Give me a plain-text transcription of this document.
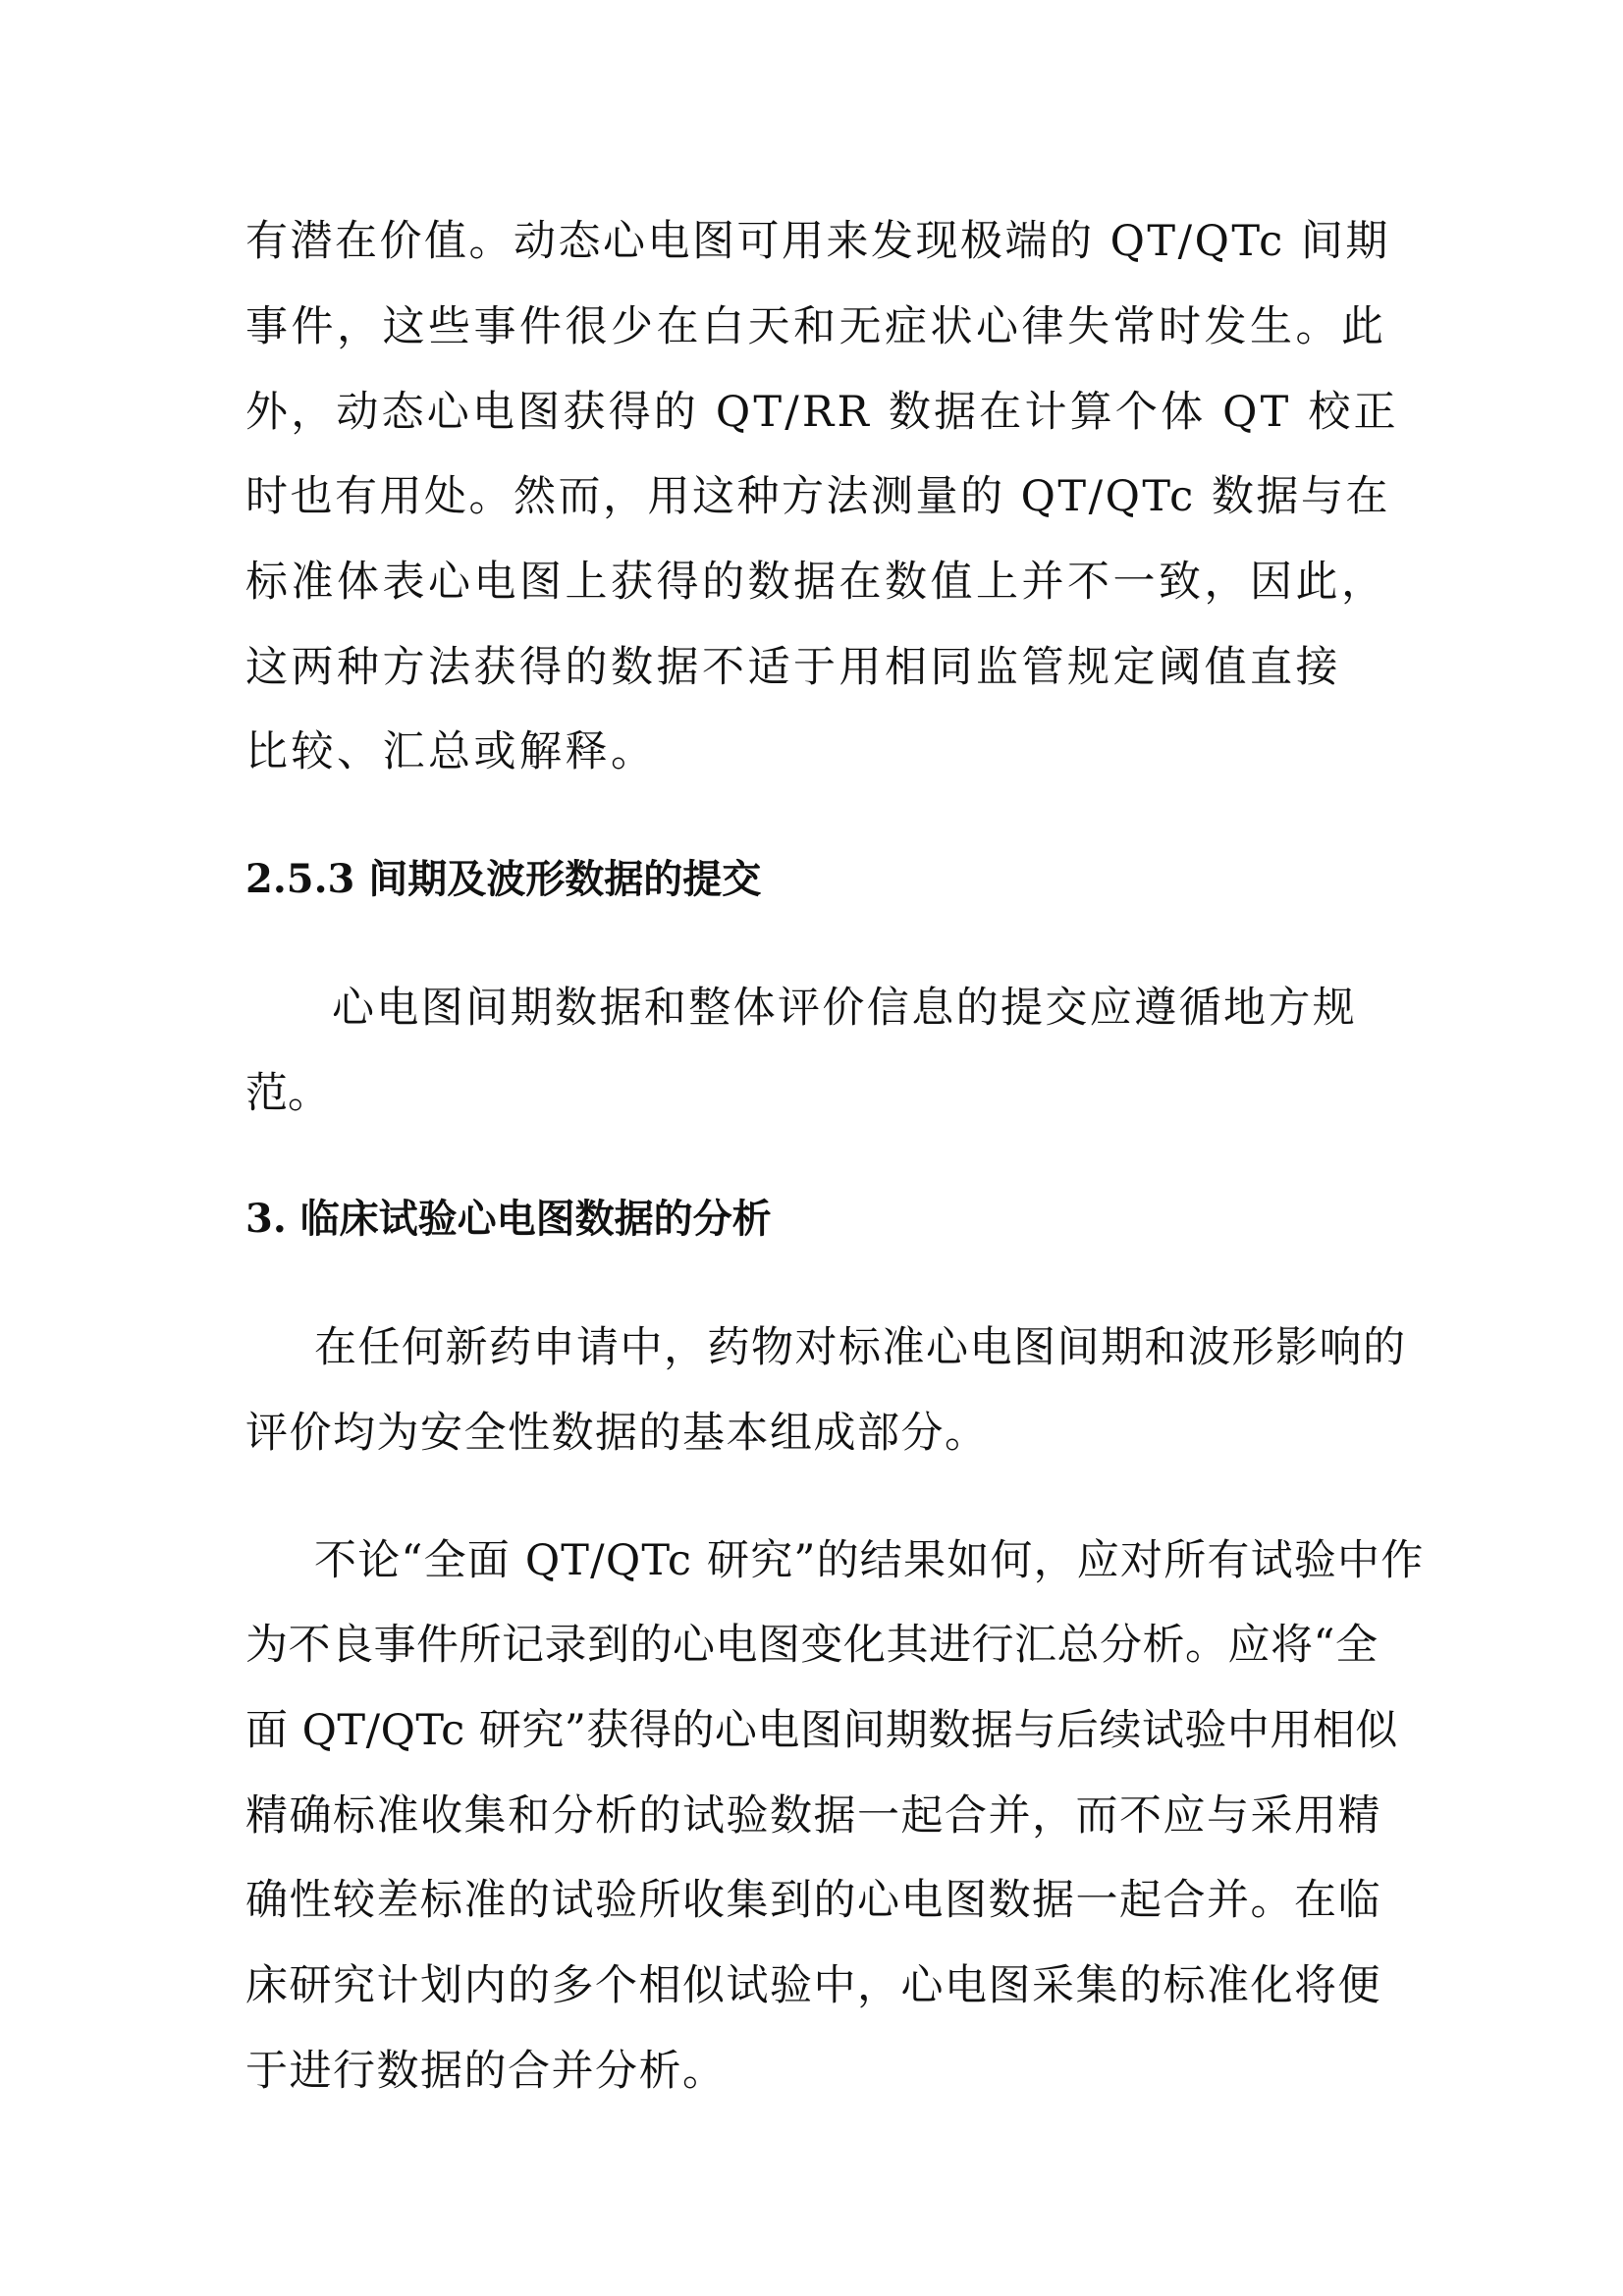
有潜在价值。动态心电图可用来发现极端的 QT/QTc 间期
事件，这些事件很少在白天和无症状心律失常时发生。此
外，动态心电图获得的 QT/RR 数据在计算个体 QT 校正
时也有用处。然而，用这种方法测量的 QT/QTc 数据与在
标准体表心电图上获得的数据在数值上并不一致，因此，
这两种方法获得的数据不适于用相同监管规定阈值直接
比较、汇总或解释。
2.5.3 间期及波形数据的提交
心电图间期数据和整体评价信息的提交应遵循地方规
范。
3. 临床试验心电图数据的分析
在任何新药申请中，药物对标准心电图间期和波形影响的
评价均为安全性数据的基本组成部分。
不论“全面 QT/QTc 研究”的结果如何，应对所有试验中作
为不良事件所记录到的心电图变化其进行汇总分析。应将“全
面 QT/QTc 研究”获得的心电图间期数据与后续试验中用相似
精确标准收集和分析的试验数据一起合并，而不应与采用精
确性较差标准的试验所收集到的心电图数据一起合并。在临
床研究计划内的多个相似试验中，心电图采集的标准化将便
于进行数据的合并分析。
